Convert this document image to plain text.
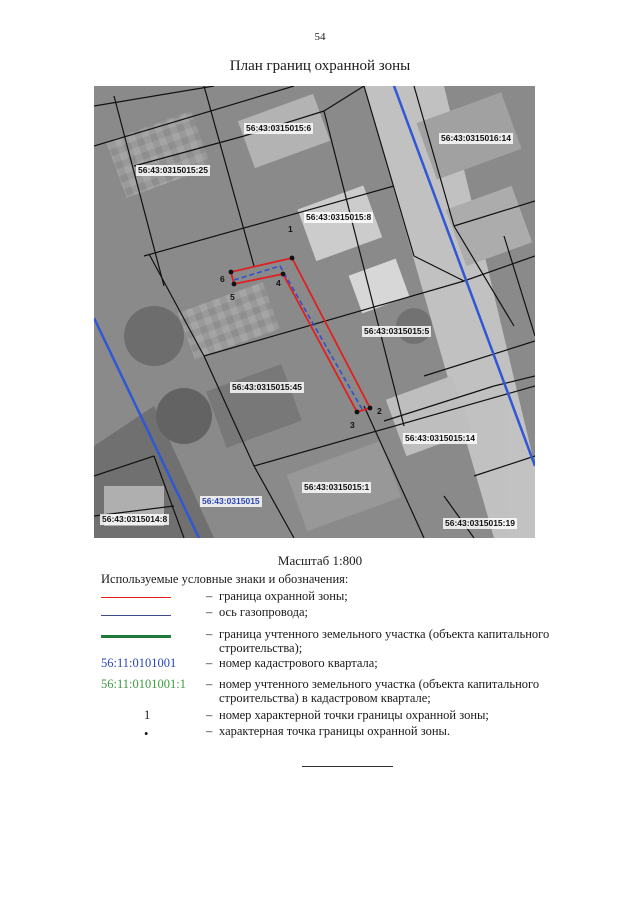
54
План границ охранной зоны
56:43:0315015:6
56:43:0315016:14
56:43:0315015:25
56:43:0315015:8
56:43:0315015:5
56:43:0315015:45
56:43:0315015:14
56:43:0315015:1
56:43:0315014:8	56:43:0315015:19
56:43:0315015
1
2
3
4
5
6
Масштаб 1:800
Используемые условные знаки и обозначения:
– граница охранной зоны;
– ось газопровода;
– граница учтенного земельного участка (объекта капитального строительства);
56:11:0101001	– номер кадастрового квартала;
56:11:0101001:1	– номер учтенного земельного участка (объекта капитального строительства) в кадастровом квартале;
1	– номер характерной точки границы охранной зоны;
•	– характерная точка границы охранной зоны.
